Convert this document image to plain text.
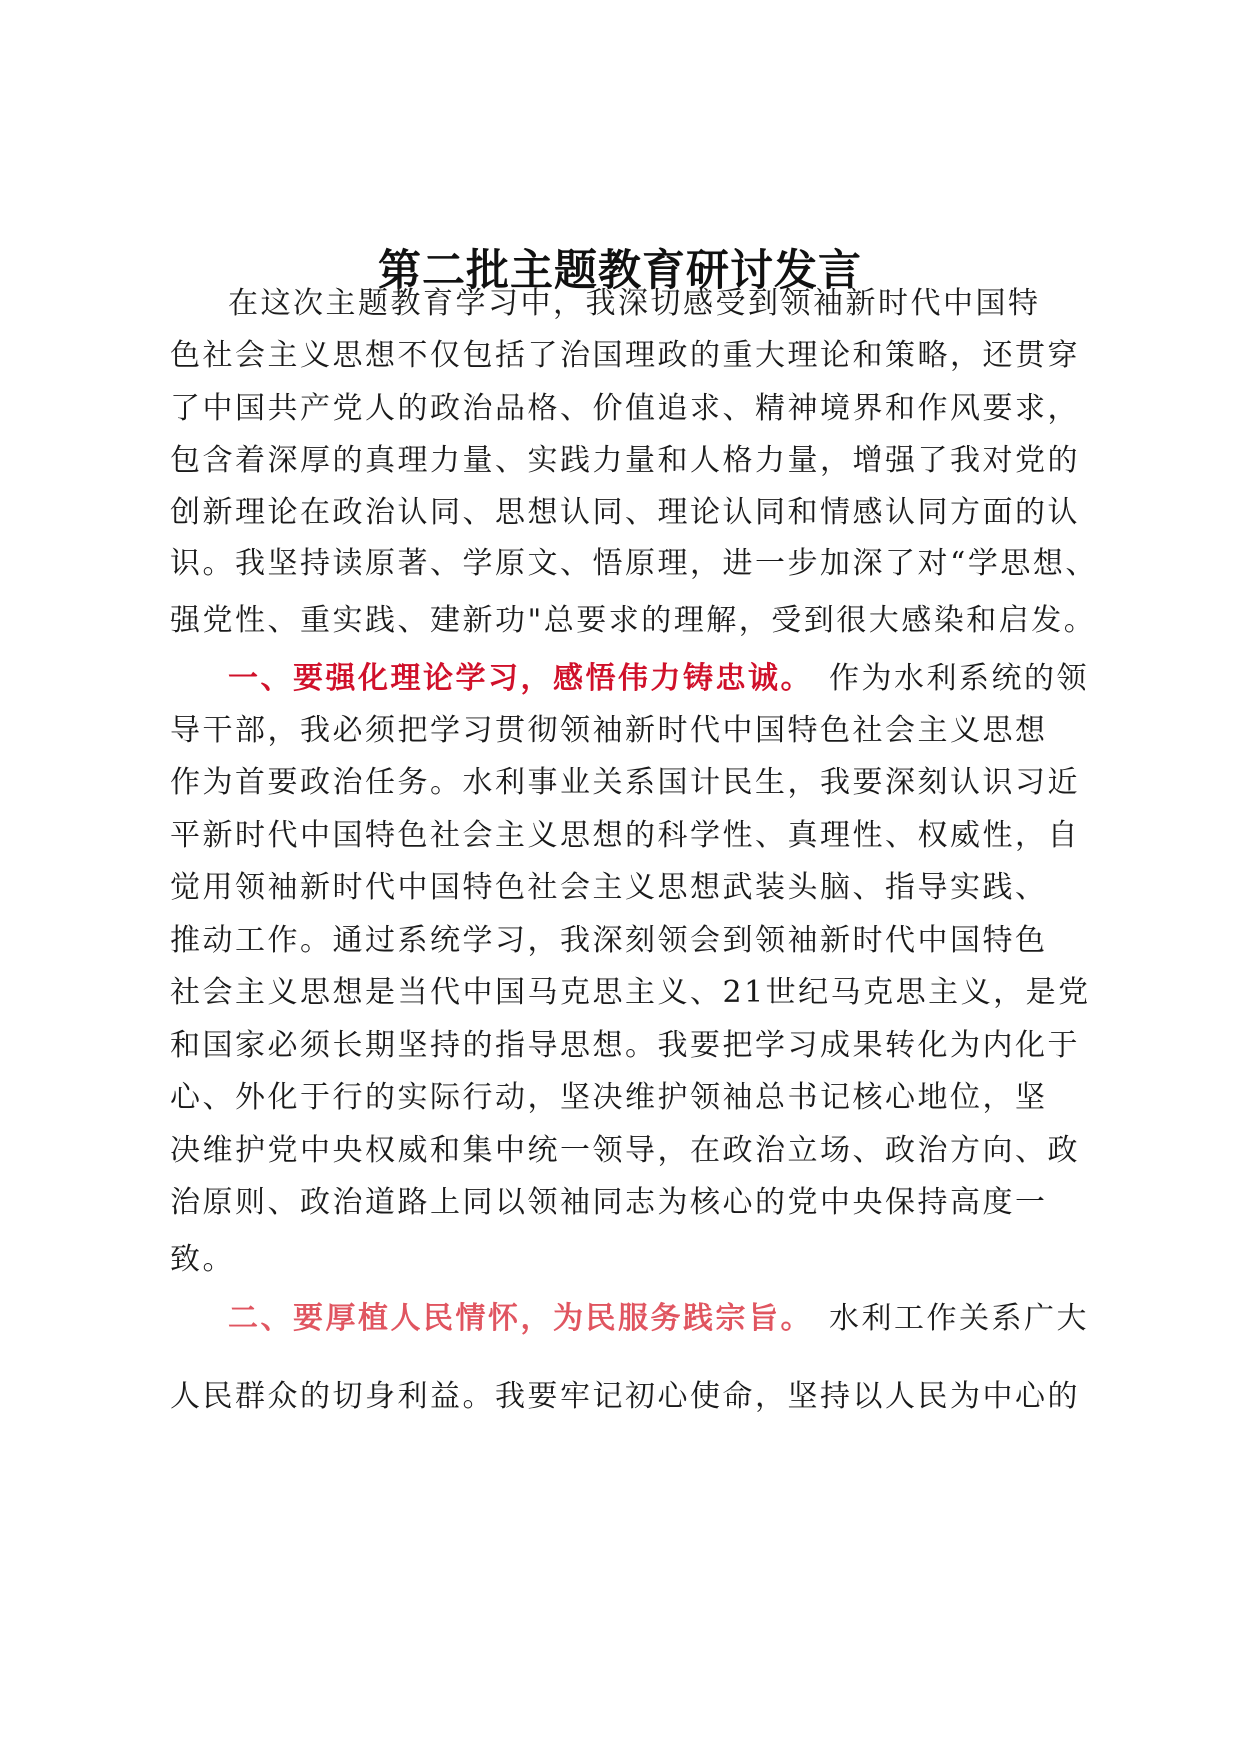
第二批主题教育研讨发言
在这次主题教育学习中，我深切感受到领袖新时代中国特
色社会主义思想不仅包括了治国理政的重大理论和策略，还贯穿
了中国共产党人的政治品格、价值追求、精神境界和作风要求，
包含着深厚的真理力量、实践力量和人格力量，增强了我对党的
创新理论在政治认同、思想认同、理论认同和情感认同方面的认
识。我坚持读原著、学原文、悟原理，进一步加深了对“学思想、
强党性、重实践、建新功"总要求的理解，受到很大感染和启发。
一、要强化理论学习，感悟伟力铸忠诚。 作为水利系统的领
导干部，我必须把学习贯彻领袖新时代中国特色社会主义思想
作为首要政治任务。水利事业关系国计民生，我要深刻认识习近
平新时代中国特色社会主义思想的科学性、真理性、权威性，自
觉用领袖新时代中国特色社会主义思想武装头脑、指导实践、
推动工作。通过系统学习，我深刻领会到领袖新时代中国特色
社会主义思想是当代中国马克思主义、21世纪马克思主义，是党
和国家必须长期坚持的指导思想。我要把学习成果转化为内化于
心、外化于行的实际行动，坚决维护领袖总书记核心地位，坚
决维护党中央权威和集中统一领导，在政治立场、政治方向、政
治原则、政治道路上同以领袖同志为核心的党中央保持高度一
致。
二、要厚植人民情怀，为民服务践宗旨。 水利工作关系广大
人民群众的切身利益。我要牢记初心使命，坚持以人民为中心的
